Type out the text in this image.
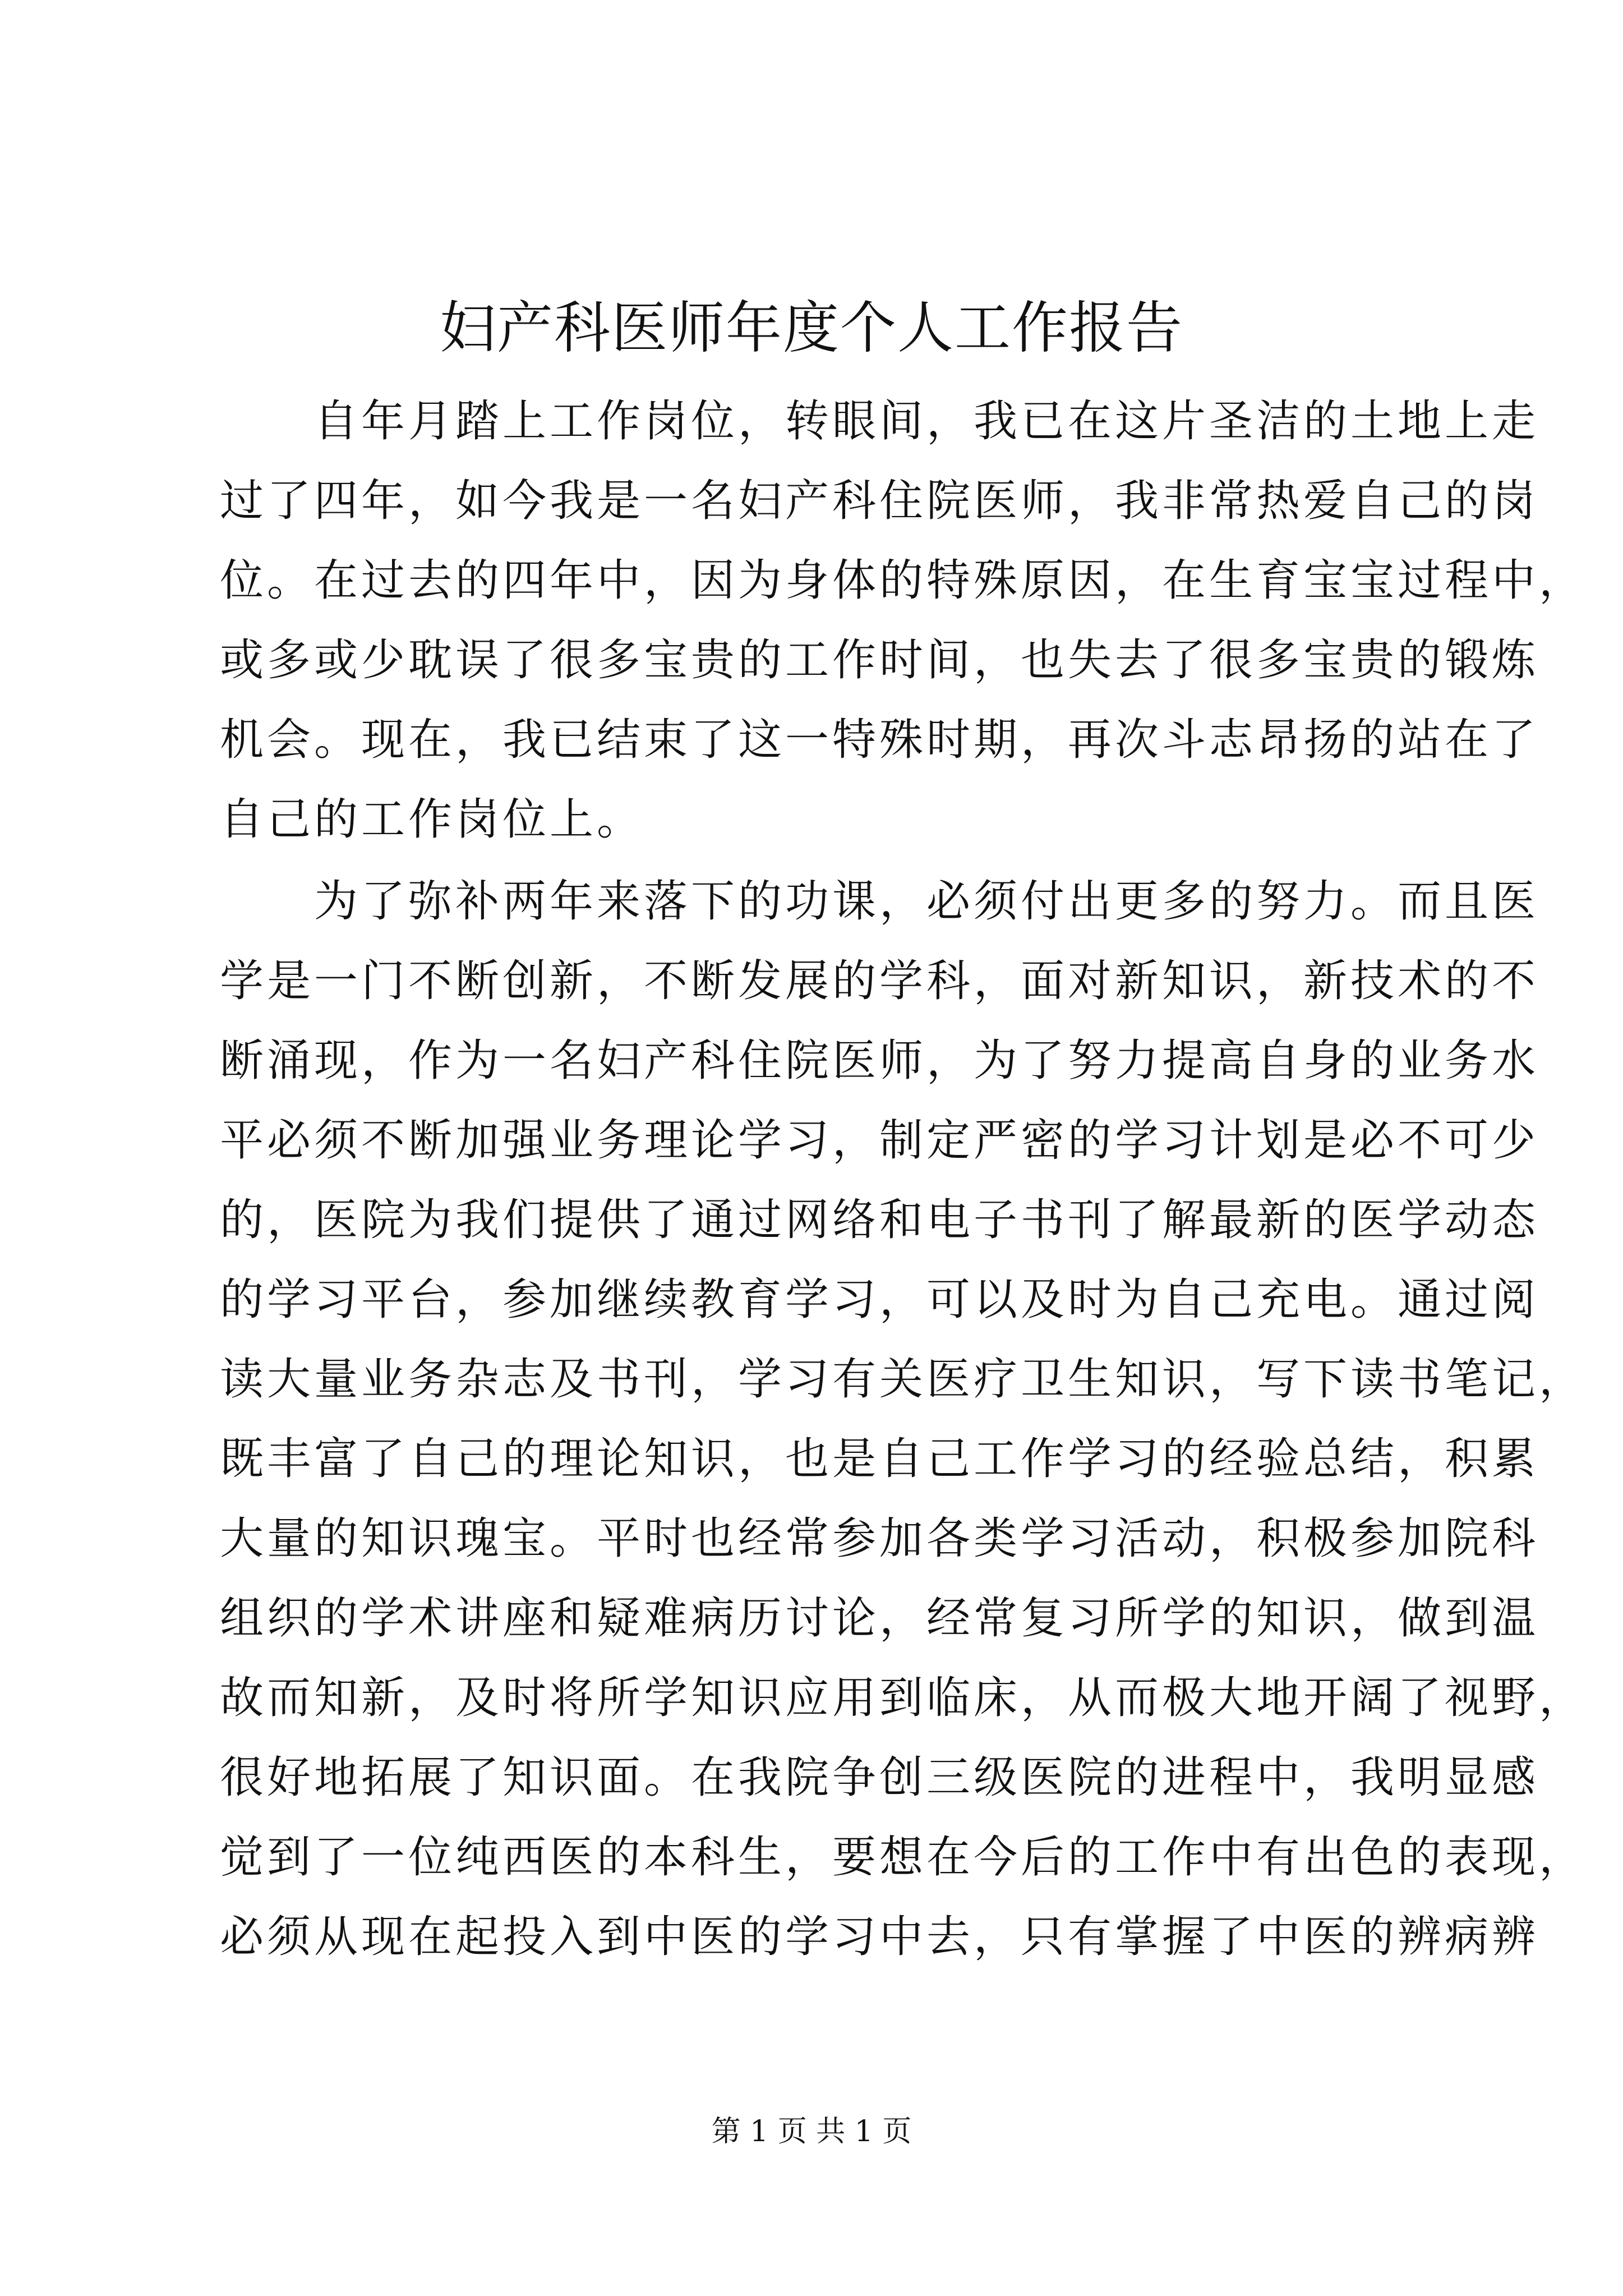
妇产科医师年度个人工作报告
　　自年月踏上工作岗位，转眼间，我已在这片圣洁的土地上走
过了四年，如今我是一名妇产科住院医师，我非常热爱自己的岗
位。在过去的四年中，因为身体的特殊原因，在生育宝宝过程中，
或多或少耽误了很多宝贵的工作时间，也失去了很多宝贵的锻炼
机会。现在，我已结束了这一特殊时期，再次斗志昂扬的站在了
自己的工作岗位上。
　　为了弥补两年来落下的功课，必须付出更多的努力。而且医
学是一门不断创新，不断发展的学科，面对新知识，新技术的不
断涌现，作为一名妇产科住院医师，为了努力提高自身的业务水
平必须不断加强业务理论学习，制定严密的学习计划是必不可少
的，医院为我们提供了通过网络和电子书刊了解最新的医学动态
的学习平台，参加继续教育学习，可以及时为自己充电。通过阅
读大量业务杂志及书刊，学习有关医疗卫生知识，写下读书笔记，
既丰富了自己的理论知识，也是自己工作学习的经验总结，积累
大量的知识瑰宝。平时也经常参加各类学习活动，积极参加院科
组织的学术讲座和疑难病历讨论，经常复习所学的知识，做到温
故而知新，及时将所学知识应用到临床，从而极大地开阔了视野，
很好地拓展了知识面。在我院争创三级医院的进程中，我明显感
觉到了一位纯西医的本科生，要想在今后的工作中有出色的表现，
必须从现在起投入到中医的学习中去，只有掌握了中医的辨病辨
第 1 页 共 1 页
